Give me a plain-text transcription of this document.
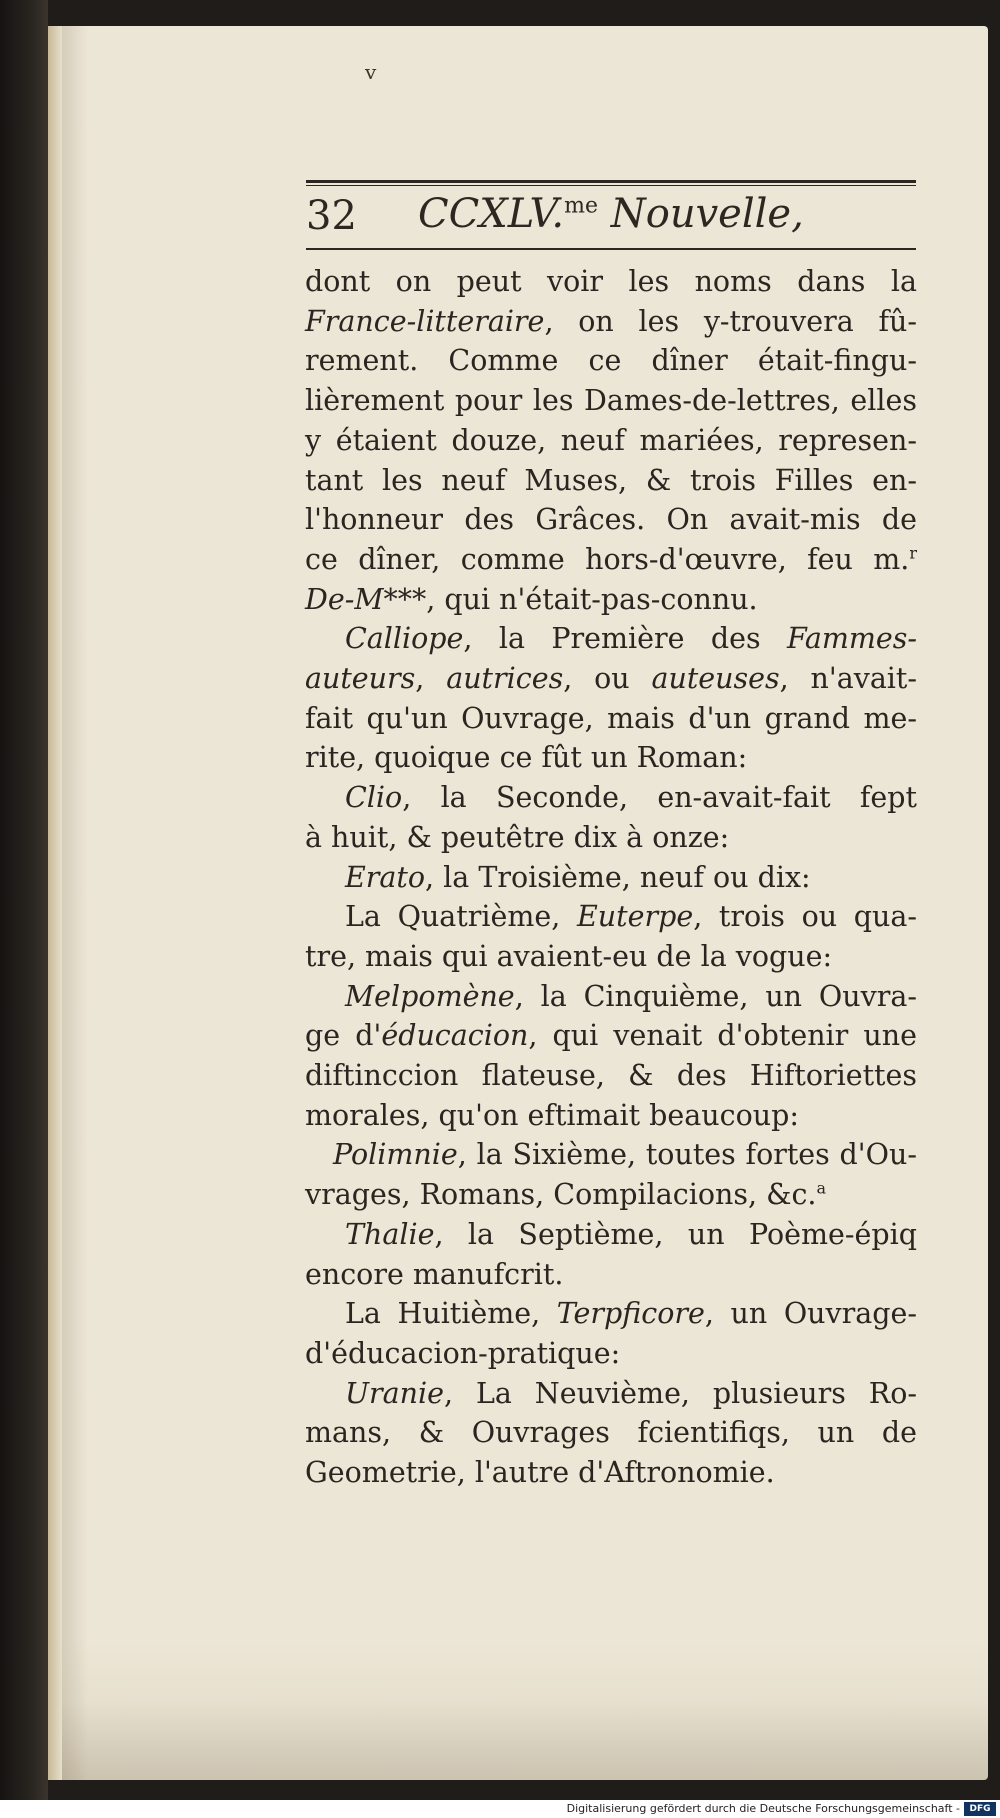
v
32 CCXLV.$^{me}$ Nouvelle,
dont on peut voir les noms dans la
France-litteraire, on les y-trouvera fû-
rement. Comme ce dîner était-fingu-
lièrement pour les Dames-de-lettres, elles
y étaient douze, neuf mariées, represen-
tant les neuf Muses, & trois Filles en-
l'honneur des Grâces. On avait-mis de
ce dîner, comme hors-d'œuvre, feu m.$^r$
De-M***, qui n'était-pas-connu.
Calliope, la Première des Fammes-
auteurs, autrices, ou auteuses, n'avait-
fait qu'un Ouvrage, mais d'un grand me-
rite, quoique ce fût un Roman:
Clio, la Seconde, en-avait-fait fept
à huit, & peutêtre dix à onze:
Erato, la Troisième, neuf ou dix:
La Quatrième, Euterpe, trois ou qua-
tre, mais qui avaient-eu de la vogue:
Melpomène, la Cinquième, un Ouvra-
ge d'éducacion, qui venait d'obtenir une
diftinccion flateuse, & des Hiftoriettes
morales, qu'on eftimait beaucoup:
Polimnie, la Sixième, toutes fortes d'Ou-
vrages, Romans, Compilacions, &c.$^a$
Thalie, la Septième, un Poème-épiq
encore manufcrit.
La Huitième, Terpficore, un Ouvrage-
d'éducacion-pratique:
Uranie, La Neuvième, plusieurs Ro-
mans, & Ouvrages fcientifiqs, un de
Geometrie, l'autre d'Aftronomie.
Digitalisierung gefördert durch die Deutsche Forschungsgemeinschaft -	DFG
